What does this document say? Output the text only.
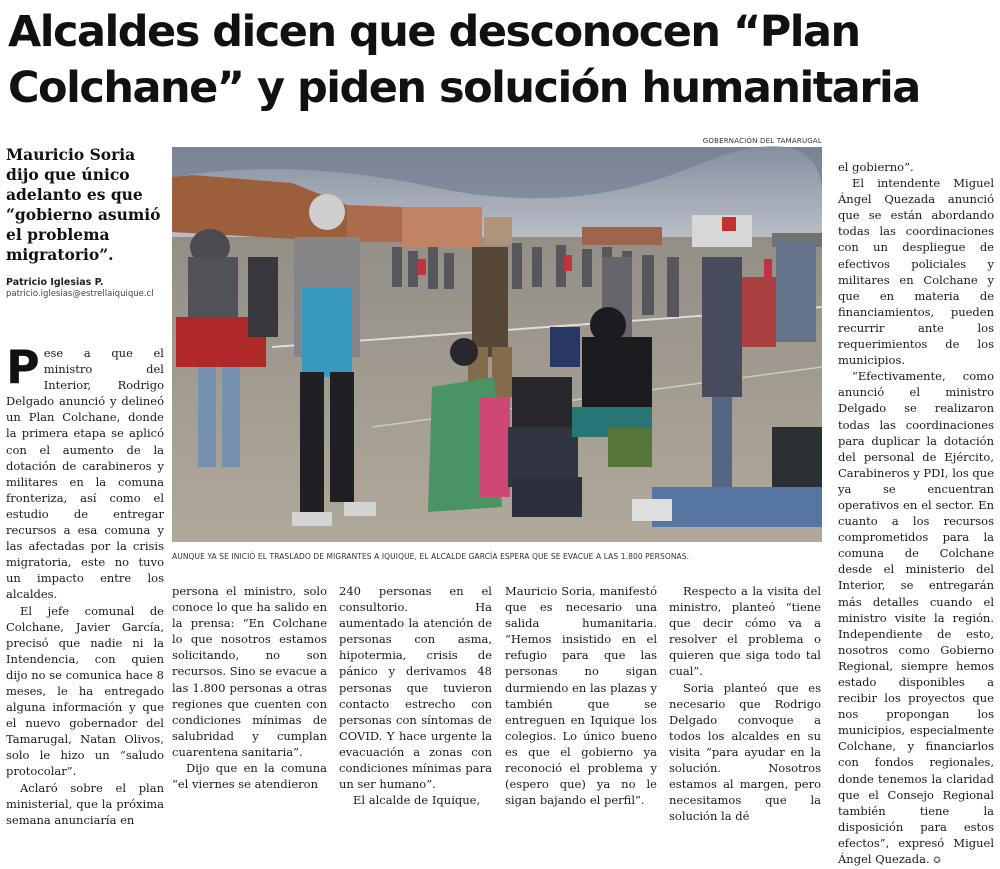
Alcaldes dicen que desconocen “Plan
Colchane” y piden solución humanitaria
GOBERNACIÓN DEL TAMARUGAL
Mauricio Soria dijo que único adelanto es que “gobierno asumió el problema migratorio”.
Patricio Iglesias P.
patricio.iglesias@estrellaiquique.cl
AUNQUE YA SE INICIÓ EL TRASLADO DE MIGRANTES A IQUIQUE, EL ALCALDE GARCÍA ESPERA QUE SE EVACUE A LAS 1.800 PERSONAS.

Pese a que el ministro del Interior, Rodrigo Delgado anunció y delineó un Plan Colchane, donde la primera etapa se aplicó con el aumento de la dotación de carabineros y militares en la comuna fronteriza, así como el estudio de entregar recursos a esa comuna y las afectadas por la crisis migratoria, este no tuvo un impacto entre los alcaldes.

El jefe comunal de Colchane, Javier García, precisó que nadie ni la Intendencia, con quien dijo no se comunica hace 8 meses, le ha entregado alguna información y que el nuevo gobernador del Tamarugal, Natan Olivos, solo le hizo un “saludo protocolar”.

Aclaró sobre el plan ministerial, que la próxima semana anunciaría en

persona el ministro, solo conoce lo que ha salido en la prensa: “En Colchane lo que nosotros estamos solicitando, no son recursos. Sino se evacue a las 1.800 personas a otras regiones que cuenten con condiciones mínimas de salubridad y cumplan cuarentena sanitaria”.

Dijo que en la comuna “el viernes se atendieron

240 personas en el consultorio. Ha aumentado la atención de personas con asma, hipotermia, crisis de pánico y derivamos 48 personas que tuvieron contacto estrecho con personas con síntomas de COVID. Y hace urgente la evacuación a zonas con condiciones mínimas para un ser humano”.

El alcalde de Iquique,

Mauricio Soria, manifestó que es necesario una salida humanitaria. “Hemos insistido en el refugio para que las personas no sigan durmiendo en las plazas y también que se entreguen en Iquique los colegios. Lo único bueno es que el gobierno ya reconoció el problema y (espero que) ya no le sigan bajando el perfil”.

Respecto a la visita del ministro, planteó “tiene que decir cómo va a resolver el problema o quieren que siga todo tal cual”.

Soria planteó que es necesario que Rodrigo Delgado convoque a todos los alcaldes en su visita “para ayudar en la solución. Nosotros estamos al margen, pero necesitamos que la solución la dé

el gobierno”.

El intendente Miguel Ángel Quezada anunció que se están abordando todas las coordinaciones con un despliegue de efectivos policiales y militares en Colchane y que en materia de financiamientos, pueden recurrir ante los requerimientos de los municipios.

“Efectivamente, como anunció el ministro Delgado se realizaron todas las coordinaciones para duplicar la dotación del personal de Ejército, Carabineros y PDI, los que ya se encuentran operativos en el sector. En cuanto a los recursos comprometidos para la comuna de Colchane desde el ministerio del Interior, se entregarán más detalles cuando el ministro visite la región. Independiente de esto, nosotros como Gobierno Regional, siempre hemos estado disponibles a recibir los proyectos que nos propongan los municipios, especialmente Colchane, y financiarlos con fondos regionales, donde tenemos la claridad que el Consejo Regional también tiene la disposición para estos efectos”, expresó Miguel Ángel Quezada. ✪
